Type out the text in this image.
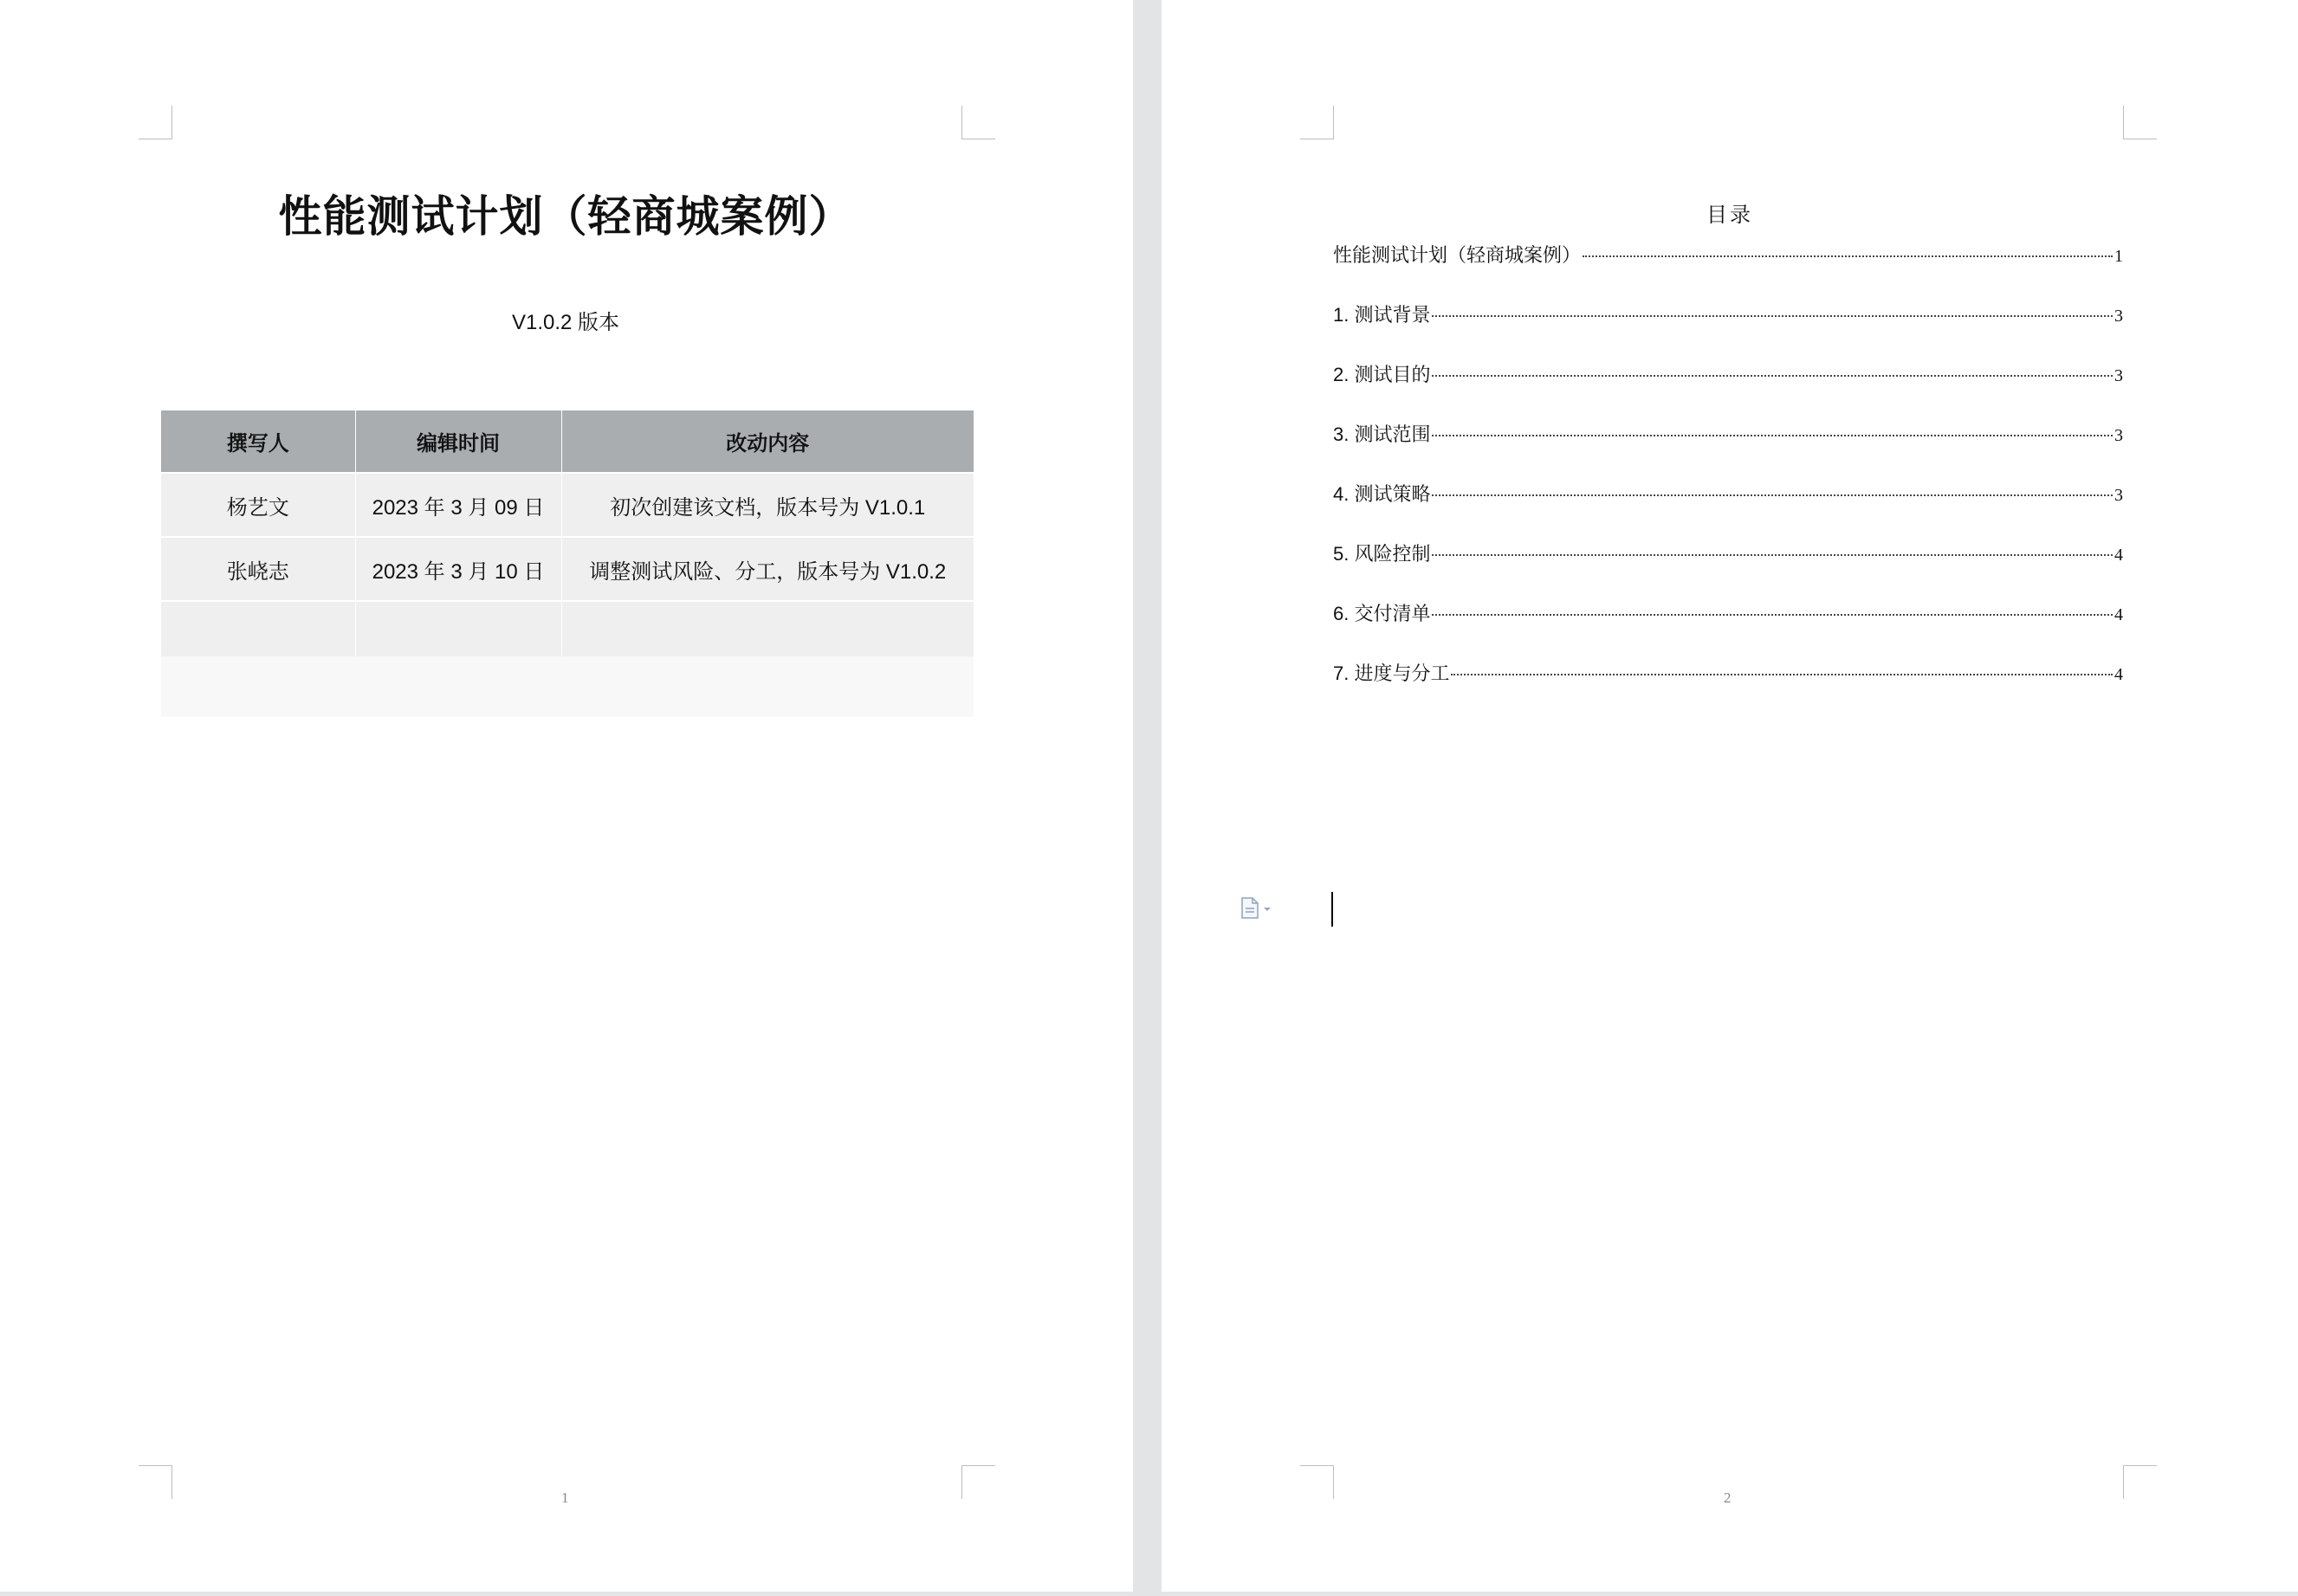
性能测试计划（轻商城案例）
V1.0.2 版本
撰写人	编辑时间	改动内容
杨艺文	2023 年 3 月 09 日	初次创建该文档，版本号为 V1.0.1
张峣志	2023 年 3 月 10 日	调整测试风险、分工，版本号为 V1.0.2

1
目录
性能测试计划（轻商城案例）	1
1. 测试背景	3
2. 测试目的	3
3. 测试范围	3
4. 测试策略	3
5. 风险控制	4
6. 交付清单	4
7. 进度与分工	4
2
